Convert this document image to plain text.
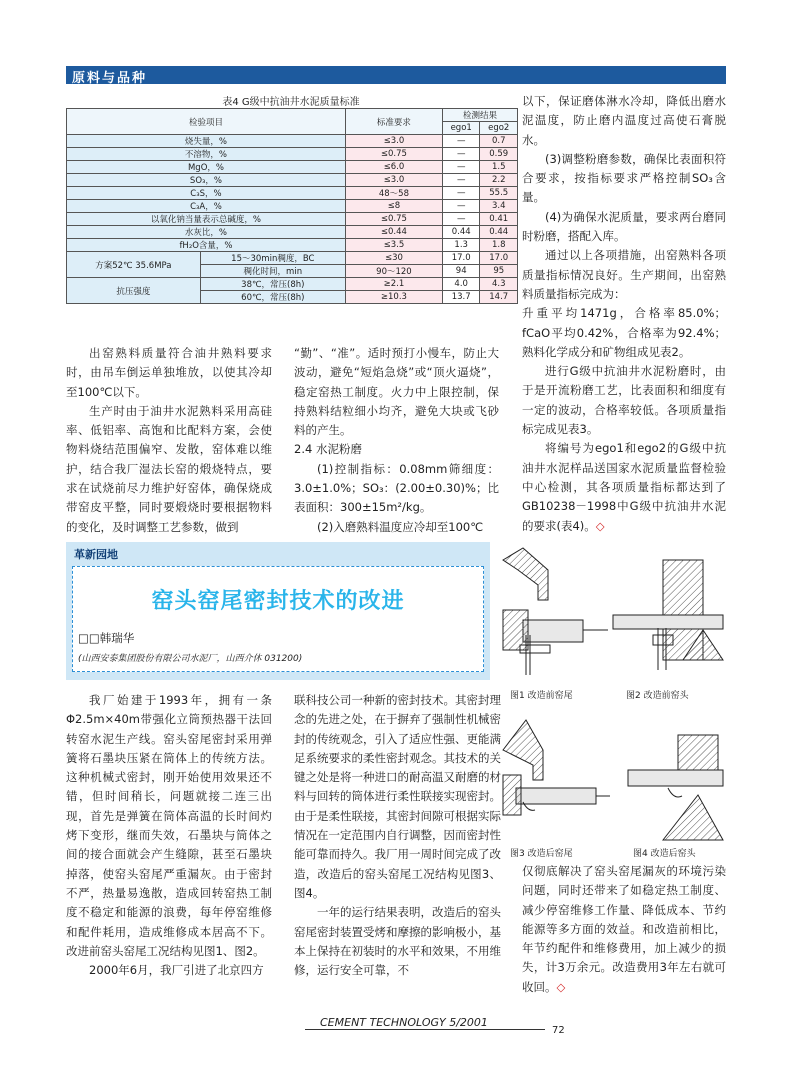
原料与品种
表4 G级中抗油井水泥质量标准
检验项目		标准要求	检测结果	
			ego1	ego2
烧失量，%		≤3.0	—	0.7
不溶物，%		≤0.75	—	0.59
MgO，%		≤6.0	—	1.5
SO₃，%		≤3.0	—	2.2
C₃S，%		48～58	—	55.5
C₃A，%		≤8	—	3.4
以氧化钠当量表示总碱度，%		≤0.75	—	0.41
水灰比，%		≤0.44	0.44	0.44
fH₂O含量，%		≤3.5	1.3	1.8
方案52℃ 35.6MPa	15～30min稠度，BC	≤30	17.0	17.0
	稠化时间，min	90～120	94	95
抗压强度	38℃，常压(8h)	≥2.1	4.0	4.3
	60℃，常压(8h)	≥10.3	13.7	14.7

出窑熟料质量符合油井熟料要求时，由吊车倒运单独堆放，以使其冷却至100℃以下。

生产时由于油井水泥熟料采用高硅率、低铝率、高饱和比配料方案，会使物料烧结范围偏窄、发散，窑体难以维护，结合我厂湿法长窑的煅烧特点，要求在试烧前尽力维护好窑体，确保烧成带窑皮平整，同时要煅烧时要根据物料的变化，及时调整工艺参数，做到

“勤”、“准”。适时预打小慢车，防止大波动，避免“短焰急烧”或“顶火逼烧”，稳定窑热工制度。火力中上限控制，保持熟料结粒细小均齐，避免大块或飞砂料的产生。

2.4 水泥粉磨

(1)控制指标：0.08mm筛细度：3.0±1.0%；SO₃：(2.00±0.30)%；比表面积：300±15m²/kg。

(2)入磨熟料温度应冷却至100℃

以下，保证磨体淋水冷却，降低出磨水泥温度，防止磨内温度过高使石膏脱水。

(3)调整粉磨参数，确保比表面积符合要求，按指标要求严格控制SO₃含量。

(4)为确保水泥质量，要求两台磨同时粉磨，搭配入库。

通过以上各项措施，出窑熟料各项质量指标情况良好。生产期间，出窑熟料质量指标完成为：

升重平均1471g，合格率85.0%；fCaO平均0.42%，合格率为92.4%；熟料化学成分和矿物组成见表2。

进行G级中抗油井水泥粉磨时，由于是开流粉磨工艺，比表面积和细度有一定的波动，合格率较低。各项质量指标完成见表3。

将编号为ego1和ego2的G级中抗油井水泥样品送国家水泥质量监督检验中心检测，其各项质量指标都达到了GB10238－1998中G级中抗油井水泥的要求(表4)。◇

革新园地
窑头窑尾密封技术的改进
□□韩瑞华
(山西安泰集团股份有限公司水泥厂，山西介休 031200)
图1 改造前窑尾	图2 改造前窑头
图3 改造后窑尾	图4 改造后窑头

我厂始建于1993年，拥有一条Φ2.5m×40m带强化立筒预热器干法回转窑水泥生产线。窑头窑尾密封采用弹簧将石墨块压紧在筒体上的传统方法。这种机械式密封，刚开始使用效果还不错，但时间稍长，问题就接二连三出现，首先是弹簧在筒体高温的长时间灼烤下变形，继而失效，石墨块与筒体之间的接合面就会产生缝隙，甚至石墨块掉落，使窑头窑尾严重漏灰。由于密封不严，热量易逸散，造成回转窑热工制度不稳定和能源的浪费，每年停窑维修和配件耗用，造成维修成本居高不下。改进前窑头窑尾工况结构见图1、图2。

2000年6月，我厂引进了北京四方

联科技公司一种新的密封技术。其密封理念的先进之处，在于摒弃了强制性机械密封的传统观念，引入了适应性强、更能满足系统要求的柔性密封观念。其技术的关键之处是将一种进口的耐高温又耐磨的材料与回转的筒体进行柔性联接实现密封。由于是柔性联接，其密封间隙可根据实际情况在一定范围内自行调整，因而密封性能可靠而持久。我厂用一周时间完成了改造，改造后的窑头窑尾工况结构见图3、图4。

一年的运行结果表明，改造后的窑头窑尾密封装置受烤和摩擦的影响极小，基本上保持在初装时的水平和效果，不用维修，运行安全可靠，不

仅彻底解决了窑头窑尾漏灰的环境污染问题，同时还带来了如稳定热工制度、减少停窑维修工作量、降低成本、节约能源等多方面的效益。和改造前相比，年节约配件和维修费用，加上减少的损失，计3万余元。改造费用3年左右就可收回。◇

CEMENT TECHNOLOGY 5/2001
72
